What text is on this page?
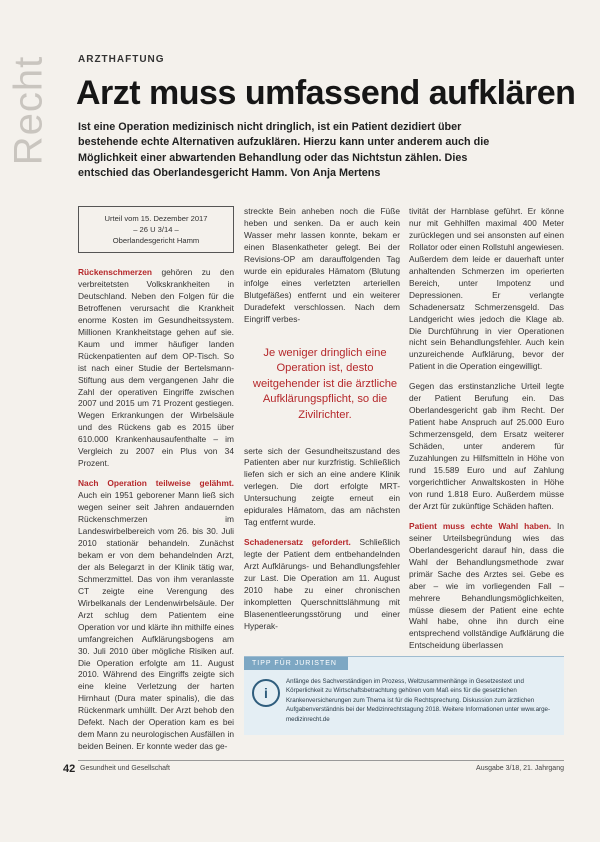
Recht	ARZTHAFTUNG
Arzt muss umfassend aufklären
Ist eine Operation medizinisch nicht dringlich, ist ein Patient dezidiert über bestehende echte Alternativen aufzuklären. Hierzu kann unter anderem auch die Möglichkeit einer abwartenden Behandlung oder das Nichtstun zählen. Dies entschied das Oberlandesgericht Hamm. Von Anja Mertens
Urteil vom 15. Dezember 2017
– 26 U 3/14 –
Oberlandesgericht Hamm

Rückenschmerzen gehören zu den verbreitetsten Volkskrankheiten in Deutschland. Neben den Folgen für die Betroffenen verursacht die Krankheit enorme Kosten im Gesundheitssystem. Millionen Krankheitstage gehen auf sie. Kaum und immer häufiger landen Rückenpatienten auf dem OP-Tisch. So ist nach einer Studie der Bertelsmann-Stiftung aus dem vergangenen Jahr die Zahl der operativen Eingriffe zwischen 2007 und 2015 um 71 Prozent gestiegen. Wegen Erkrankungen der Wirbelsäule und des Rückens gab es 2015 über 610.000 Krankenhausaufenthalte – im Vergleich zu 2007 ein Plus von 34 Prozent.

Nach Operation teilweise gelähmt. Auch ein 1951 geborener Mann ließ sich wegen seiner seit Jahren andauernden Rückenschmerzen im Landeswirbelbereich vom 26. bis 30. Juli 2010 stationär behandeln. Zunächst bekam er von dem behandelnden Arzt, der als Belegarzt in der Klinik tätig war, Schmerzmittel. Das von ihm veranlasste CT zeigte eine Verengung des Wirbelkanals der Lendenwirbelsäule. Der Arzt schlug dem Patientem eine Operation vor und klärte ihn mithilfe eines umfangreichen Aufklärungsbogens am 30. Juli 2010 über mögliche Risiken auf. Die Operation erfolgte am 11. August 2010. Während des Eingriffs zeigte sich eine kleine Verletzung der harten Hirnhaut (Dura mater spinalis), die das Rückenmark umhüllt. Der Arzt behob den Defekt. Nach der Operation kam es bei dem Mann zu neurologischen Ausfällen in beiden Beinen. Er konnte weder das ge-

streckte Bein anheben noch die Füße heben und senken. Da er auch kein Wasser mehr lassen konnte, bekam er einen Blasenkatheter gelegt. Bei der Revisions-OP am darauffolgenden Tag wurde ein epidurales Hämatom (Blutung infolge eines verletzten arteriellen Blutgefäßes) entfernt und ein weiterer Duradefekt verschlossen. Nach dem Eingriff verbes-

serte sich der Gesundheitszustand des Patienten aber nur kurzfristig. Schließlich liefen sich er sich an eine andere Klinik verlegen. Die dort erfolgte MRT-Untersuchung zeigte erneut ein epidurales Hämatom, das am nächsten Tag entfernt wurde.

Schadenersatz gefordert. Schließlich legte der Patient dem entbehandelnden Arzt Aufklärungs- und Behandlungsfehler zur Last. Die Operation am 11. August 2010 habe zu einer chronischen inkompletten Querschnittslähmung mit Blasenentleerungsstörung und einer Hyperak-

Je weniger dringlich eine Operation ist, desto weitgehender ist die ärztliche Aufklärungspflicht, so die Zivilrichter.

tivität der Harnblase geführt. Er könne nur mit Gehhilfen maximal 400 Meter zurücklegen und sei ansonsten auf einen Rollator oder einen Rollstuhl angewiesen. Außerdem dem leide er dauerhaft unter anhaltenden Schmerzen im operierten Bereich, unter Impotenz und Depressionen. Er verlangte Schadenersatz Schmerzensgeld. Das Landgericht wies jedoch die Klage ab. Die Durchführung in vier Operationen nicht sein Behandlungsfehler. Auch kein unzureichende Aufklärung, bevor der Patient in die Operation eingewilligt.

Gegen das erstinstanzliche Urteil legte der Patient Berufung ein. Das Oberlandesgericht gab ihm Recht. Der Patient habe Anspruch auf 25.000 Euro Schmerzensgeld, dem Ersatz weiterer Schäden, unter anderem für Zuzahlungen zu Hilfsmitteln in Höhe von rund 15.589 Euro und auf Zahlung vorgerichtlicher Anwaltskosten in Höhe von rund 1.818 Euro. Außerdem müsse der Arzt für zukünftige Schäden haften.

Patient muss echte Wahl haben. In seiner Urteilsbegründung wies das Oberlandesgericht darauf hin, dass die Wahl der Behandlungsmethode zwar primär Sache des Arztes sei. Gebe es aber – wie im vorliegenden Fall – mehrere Behandlungsmöglichkeiten, müsse diesem der Patient eine echte Wahl habe, ohne ihn durch eine entsprechend vollständige Aufklärung die Entscheidung überlassen

TIPP FÜR JURISTEN
i
Anfänge des Sachverständigen im Prozess, Weltzusammenhänge in Gesetzestext und Körperlichkeit zu Wirtschaftsbetrachtung gehören vom Maß eins für die gesetzlichen Krankenversicherungen zum Thema ist für die Rechtsprechung. Diskussion zum ärztlichen Aufgabenverständnis bei der Medizinrechtstagung 2018. Weitere Informationen unter www.arge-medizinrecht.de
42 Gesundheit und Gesellschaft	Ausgabe 3/18, 21. Jahrgang
